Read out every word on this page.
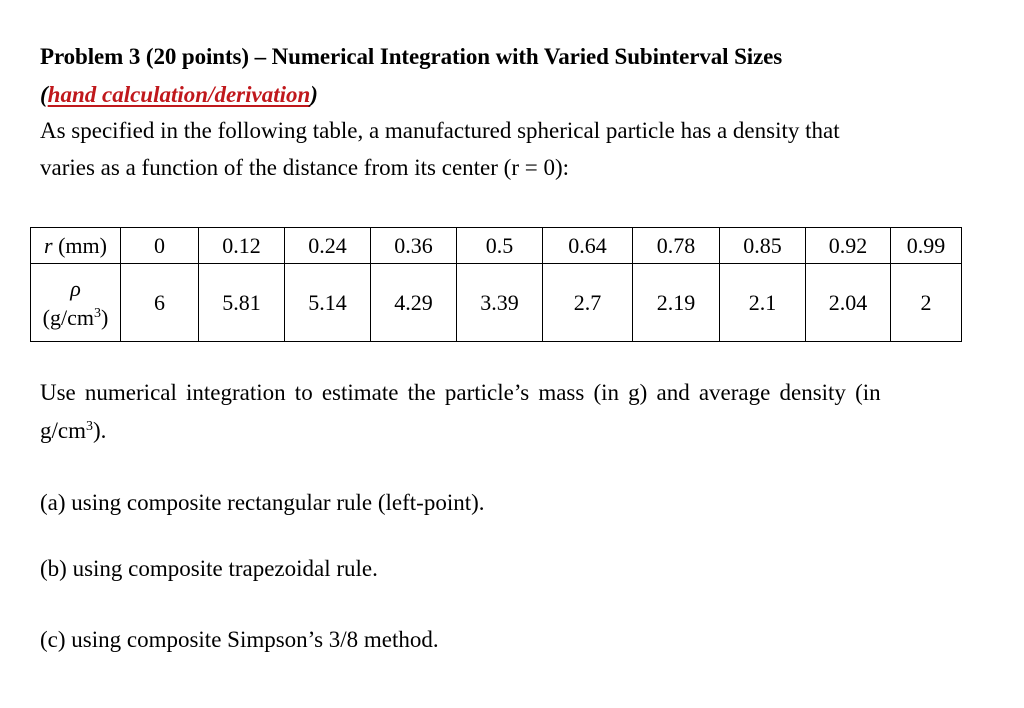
Problem 3 (20 points) – Numerical Integration with Varied Subinterval Sizes
(hand calculation/derivation)
As specified in the following table, a manufactured spherical particle has a density that
varies as a function of the distance from its center (r = 0):
r (mm)	0	0.12	0.24	0.36	0.5	0.64	0.78	0.85	0.92	0.99

ρ
$(g/cm^3)$	6	5.81	5.14	4.29	3.39	2.7	2.19	2.1	2.04	2
Use numerical integration to estimate the particle’s mass (in g) and average density (in
$g/cm^3$).
(a) using composite rectangular rule (left-point).
(b) using composite trapezoidal rule.
(c) using composite Simpson’s 3/8 method.
